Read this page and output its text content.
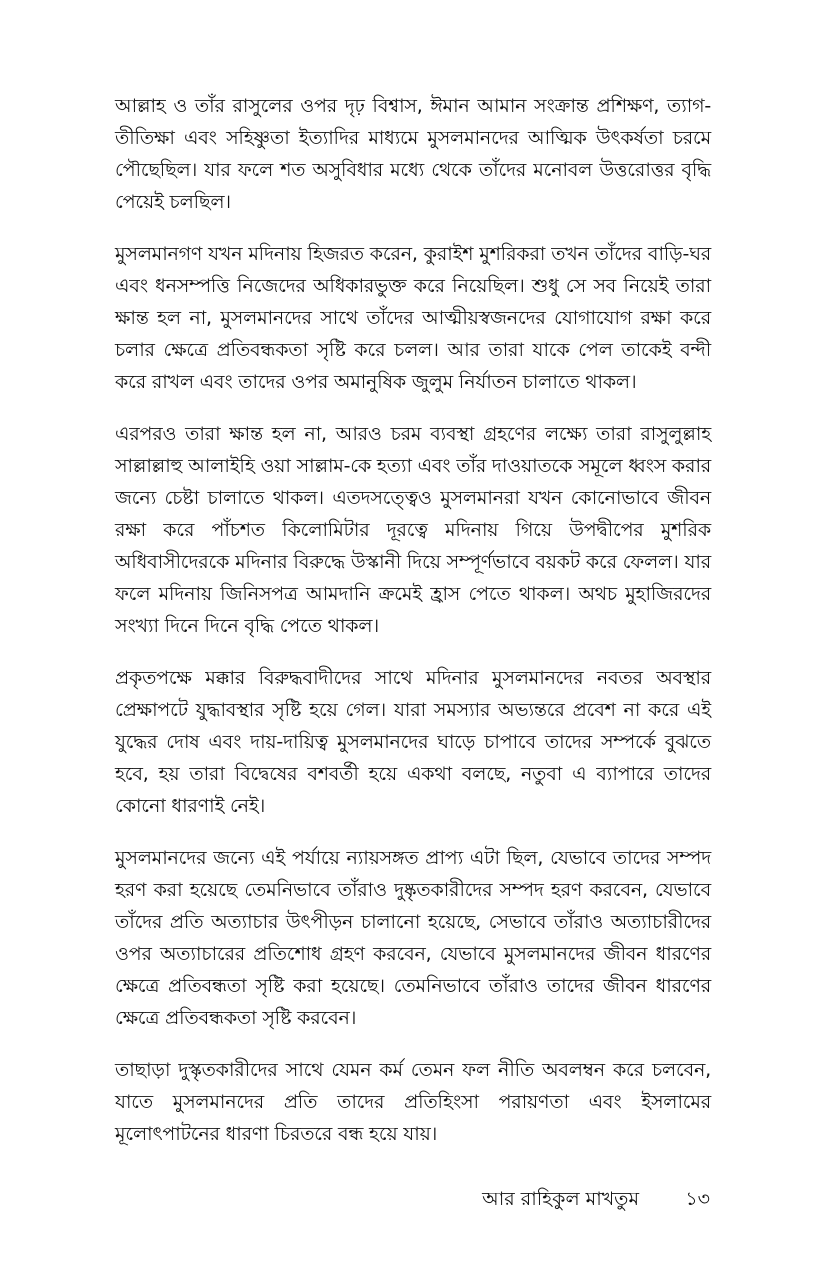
আল্লাহ ও তাঁর রাসুলের ওপর দৃঢ় বিশ্বাস, ঈমান আমান সংক্রান্ত প্রশিক্ষণ, ত্যাগ-তীতিক্ষা এবং সহিষ্ণুতা ইত্যাদির মাধ্যমে মুসলমানদের আত্মিক উৎকর্ষতা চরমে পৌছেছিল। যার ফলে শত অসুবিধার মধ্যে থেকে তাঁদের মনোবল উত্তরোত্তর বৃদ্ধি পেয়েই চলছিল।

মুসলমানগণ যখন মদিনায় হিজরত করেন, কুরাইশ মুশরিকরা তখন তাঁদের বাড়ি-ঘর এবং ধনসম্পত্তি নিজেদের অধিকারভুক্ত করে নিয়েছিল। শুধু সে সব নিয়েই তারা ক্ষান্ত হল না, মুসলমানদের সাথে তাঁদের আত্মীয়স্বজনদের যোগাযোগ রক্ষা করে চলার ক্ষেত্রে প্রতিবন্ধকতা সৃষ্টি করে চলল। আর তারা যাকে পেল তাকেই বন্দী করে রাখল এবং তাদের ওপর অমানুষিক জুলুম নির্যাতন চালাতে থাকল।

এরপরও তারা ক্ষান্ত হল না, আরও চরম ব্যবস্থা গ্রহণের লক্ষ্যে তারা রাসুলুল্লাহ সাল্লাল্লাহু আলাইহি ওয়া সাল্লাম-কে হত্যা এবং তাঁর দাওয়াতকে সমূলে ধ্বংস করার জন্যে চেষ্টা চালাতে থাকল। এতদসত্ত্বেও মুসলমানরা যখন কোনোভাবে জীবন রক্ষা করে পাঁচশত কিলোমিটার দূরত্বে মদিনায় গিয়ে উপদ্বীপের মুশরিক অধিবাসীদেরকে মদিনার বিরুদ্ধে উস্কানী দিয়ে সম্পূর্ণভাবে বয়কট করে ফেলল। যার ফলে মদিনায় জিনিসপত্র আমদানি ক্রমেই হ্রাস পেতে থাকল। অথচ মুহাজিরদের সংখ্যা দিনে দিনে বৃদ্ধি পেতে থাকল।

প্রকৃতপক্ষে মক্কার বিরুদ্ধবাদীদের সাথে মদিনার মুসলমানদের নবতর অবস্থার প্রেক্ষাপটে যুদ্ধাবস্থার সৃষ্টি হয়ে গেল। যারা সমস্যার অভ্যন্তরে প্রবেশ না করে এই যুদ্ধের দোষ এবং দায়-দায়িত্ব মুসলমানদের ঘাড়ে চাপাবে তাদের সম্পর্কে বুঝতে হবে, হয় তারা বিদ্বেষের বশবর্তী হয়ে একথা বলছে, নতুবা এ ব্যাপারে তাদের কোনো ধারণাই নেই।

মুসলমানদের জন্যে এই পর্যায়ে ন্যায়সঙ্গত প্রাপ্য এটা ছিল, যেভাবে তাদের সম্পদ হরণ করা হয়েছে তেমনিভাবে তাঁরাও দুষ্কৃতকারীদের সম্পদ হরণ করবেন, যেভাবে তাঁদের প্রতি অত্যাচার উৎপীড়ন চালানো হয়েছে, সেভাবে তাঁরাও অত্যাচারীদের ওপর অত্যাচারের প্রতিশোধ গ্রহণ করবেন, যেভাবে মুসলমানদের জীবন ধারণের ক্ষেত্রে প্রতিবন্ধতা সৃষ্টি করা হয়েছে। তেমনিভাবে তাঁরাও তাদের জীবন ধারণের ক্ষেত্রে প্রতিবন্ধকতা সৃষ্টি করবেন।

তাছাড়া দুস্কৃতকারীদের সাথে যেমন কর্ম তেমন ফল নীতি অবলম্বন করে চলবেন, যাতে মুসলমানদের প্রতি তাদের প্রতিহিংসা পরায়ণতা এবং ইসলামের মূলোৎপাটনের ধারণা চিরতরে বন্ধ হয়ে যায়।

আর রাহিকুল মাখতুম ১৩
